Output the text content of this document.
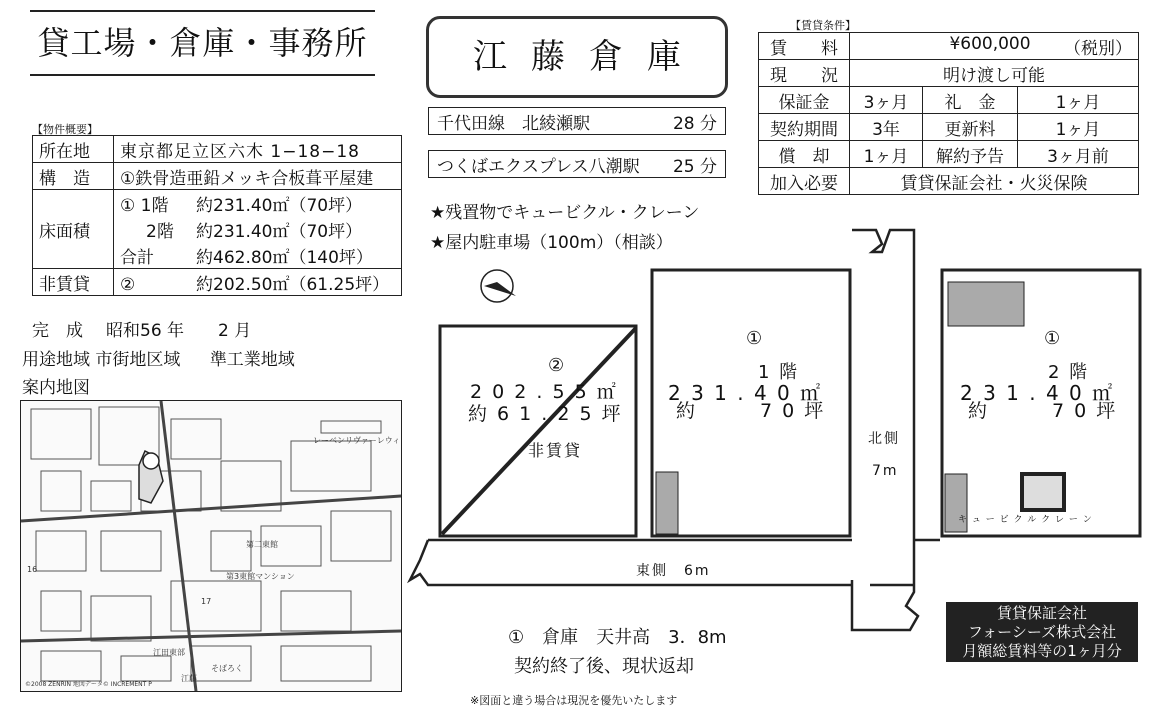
貸工場・倉庫・事務所	江 藤 倉 庫
【物件概要】
所在地	東京都足立区六木 1−18−18
構　造	①鉄骨造亜鉛メッキ合板葺平屋建
床面積	① 1階 約231.40㎡（70坪）
	2階 約231.40㎡（70坪）
	合計 約462.80㎡（140坪）
非賃貸	② 約202.50㎡（61.25坪）
完　成 昭和56 年　　2 月
用途地域 市街地区域 準工業地域
案内地図
レーベンリヴァーレウィ
第二東館
第3東館マンション
江田東部
そばろく
江藤
©2008 ZENRIN 地図データ© INCREMENT P
16
17
千代田線　北綾瀬駅	28 分
つくばエクスプレス八潮駅 25 分
★残置物でキュービクル・クレーン
★屋内駐車場（100m）（相談）
【賃貸条件】
賃　　料	¥600,000 （税別）		

現　　況	明け渡し可能		
保証金	3ヶ月	礼　金	1ヶ月
契約期間	3年	更新料	1ヶ月
償　却	1ヶ月	解約予告	3ヶ月前
加入必要	賃貸保証会社・火災保険		
②
2 0 2 . 5 5 ㎡
約 6 1 . 2 5 坪
非賃貸
①
1 階
2 3 1 . 4 0 ㎡
約　　　7 0 坪
①
2 階
2 3 1 . 4 0 ㎡
約　　　7 0 坪
キ ュ ー ビ ク ル ク レ ー ン
北側
7m
東側　6m
①　倉庫　天井高　3．8m
契約終了後、現状返却
※図面と違う場合は現況を優先いたします
賃貸保証会社
フォーシーズ株式会社
月額総賃料等の1ヶ月分
